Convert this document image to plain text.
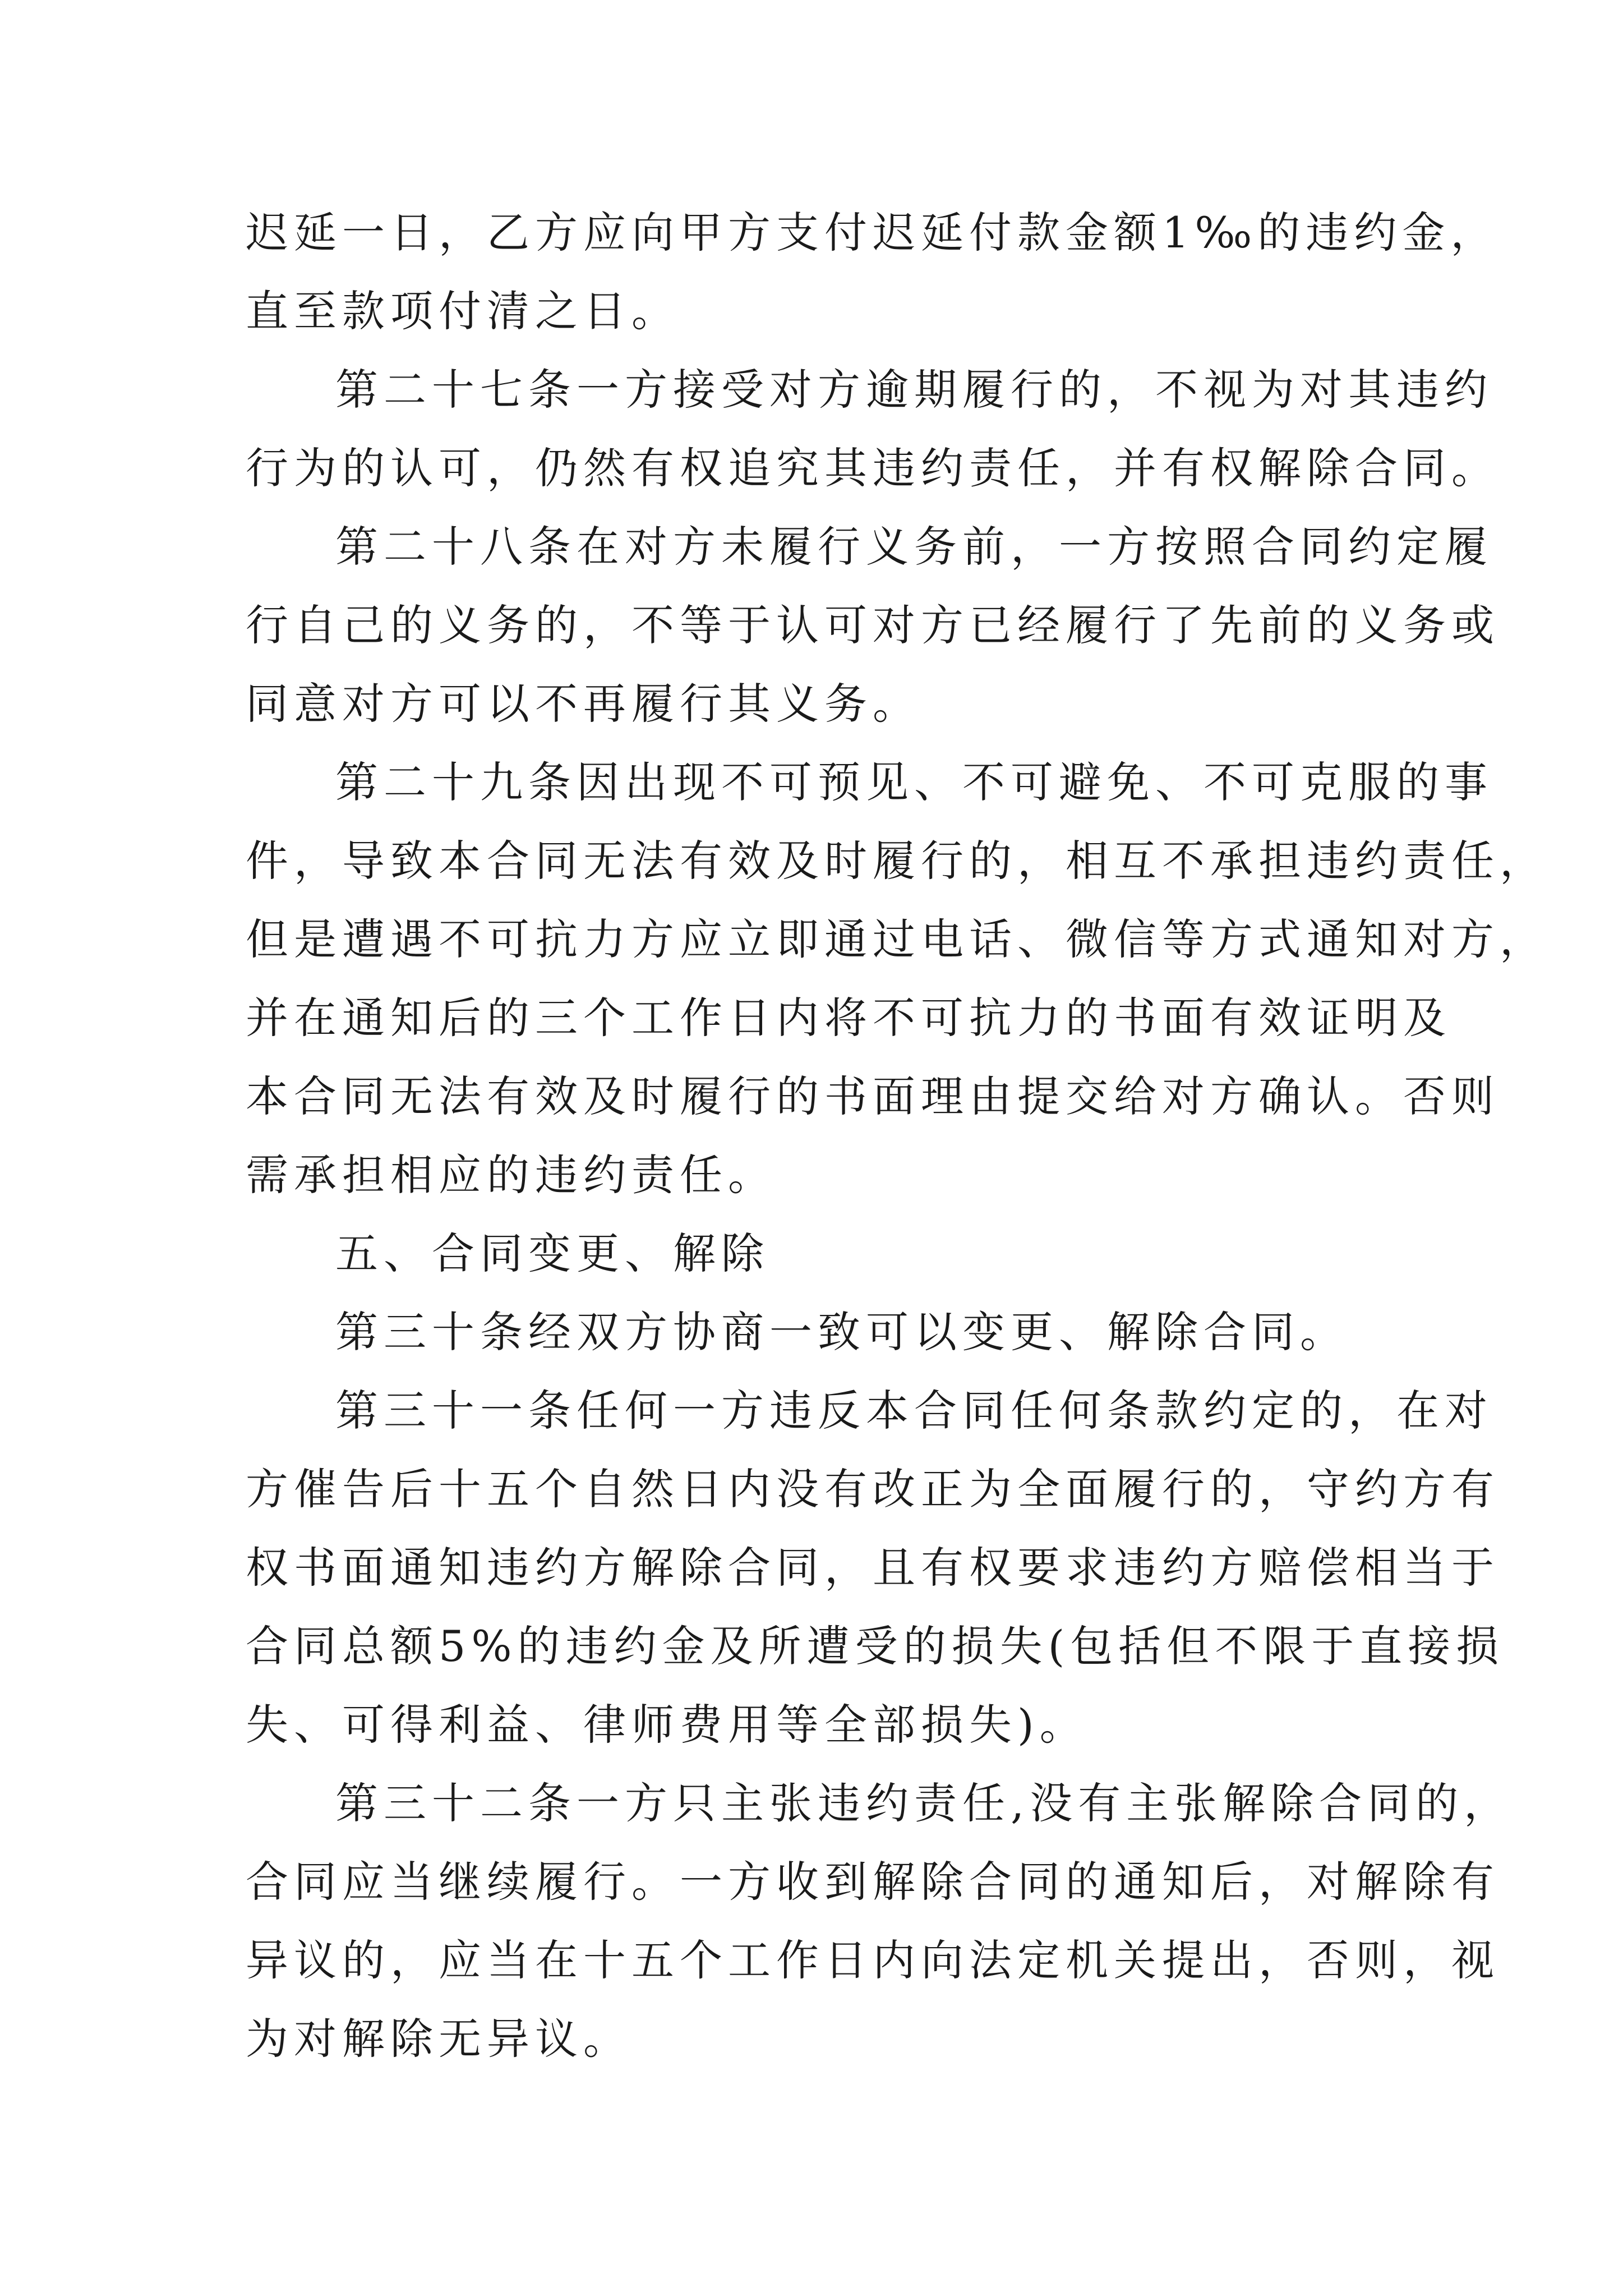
迟延一日，乙方应向甲方支付迟延付款金额1‰的违约金，
直至款项付清之日。
第二十七条一方接受对方逾期履行的，不视为对其违约
行为的认可，仍然有权追究其违约责任，并有权解除合同。
第二十八条在对方未履行义务前，一方按照合同约定履
行自己的义务的，不等于认可对方已经履行了先前的义务或
同意对方可以不再履行其义务。
第二十九条因出现不可预见、不可避免、不可克服的事
件，导致本合同无法有效及时履行的，相互不承担违约责任，
但是遭遇不可抗力方应立即通过电话、微信等方式通知对方，
并在通知后的三个工作日内将不可抗力的书面有效证明及
本合同无法有效及时履行的书面理由提交给对方确认。否则
需承担相应的违约责任。
五、合同变更、解除
第三十条经双方协商一致可以变更、解除合同。
第三十一条任何一方违反本合同任何条款约定的，在对
方催告后十五个自然日内没有改正为全面履行的，守约方有
权书面通知违约方解除合同，且有权要求违约方赔偿相当于
合同总额5%的违约金及所遭受的损失(包括但不限于直接损
失、可得利益、律师费用等全部损失)。
第三十二条一方只主张违约责任,没有主张解除合同的，
合同应当继续履行。一方收到解除合同的通知后，对解除有
异议的，应当在十五个工作日内向法定机关提出，否则，视
为对解除无异议。
